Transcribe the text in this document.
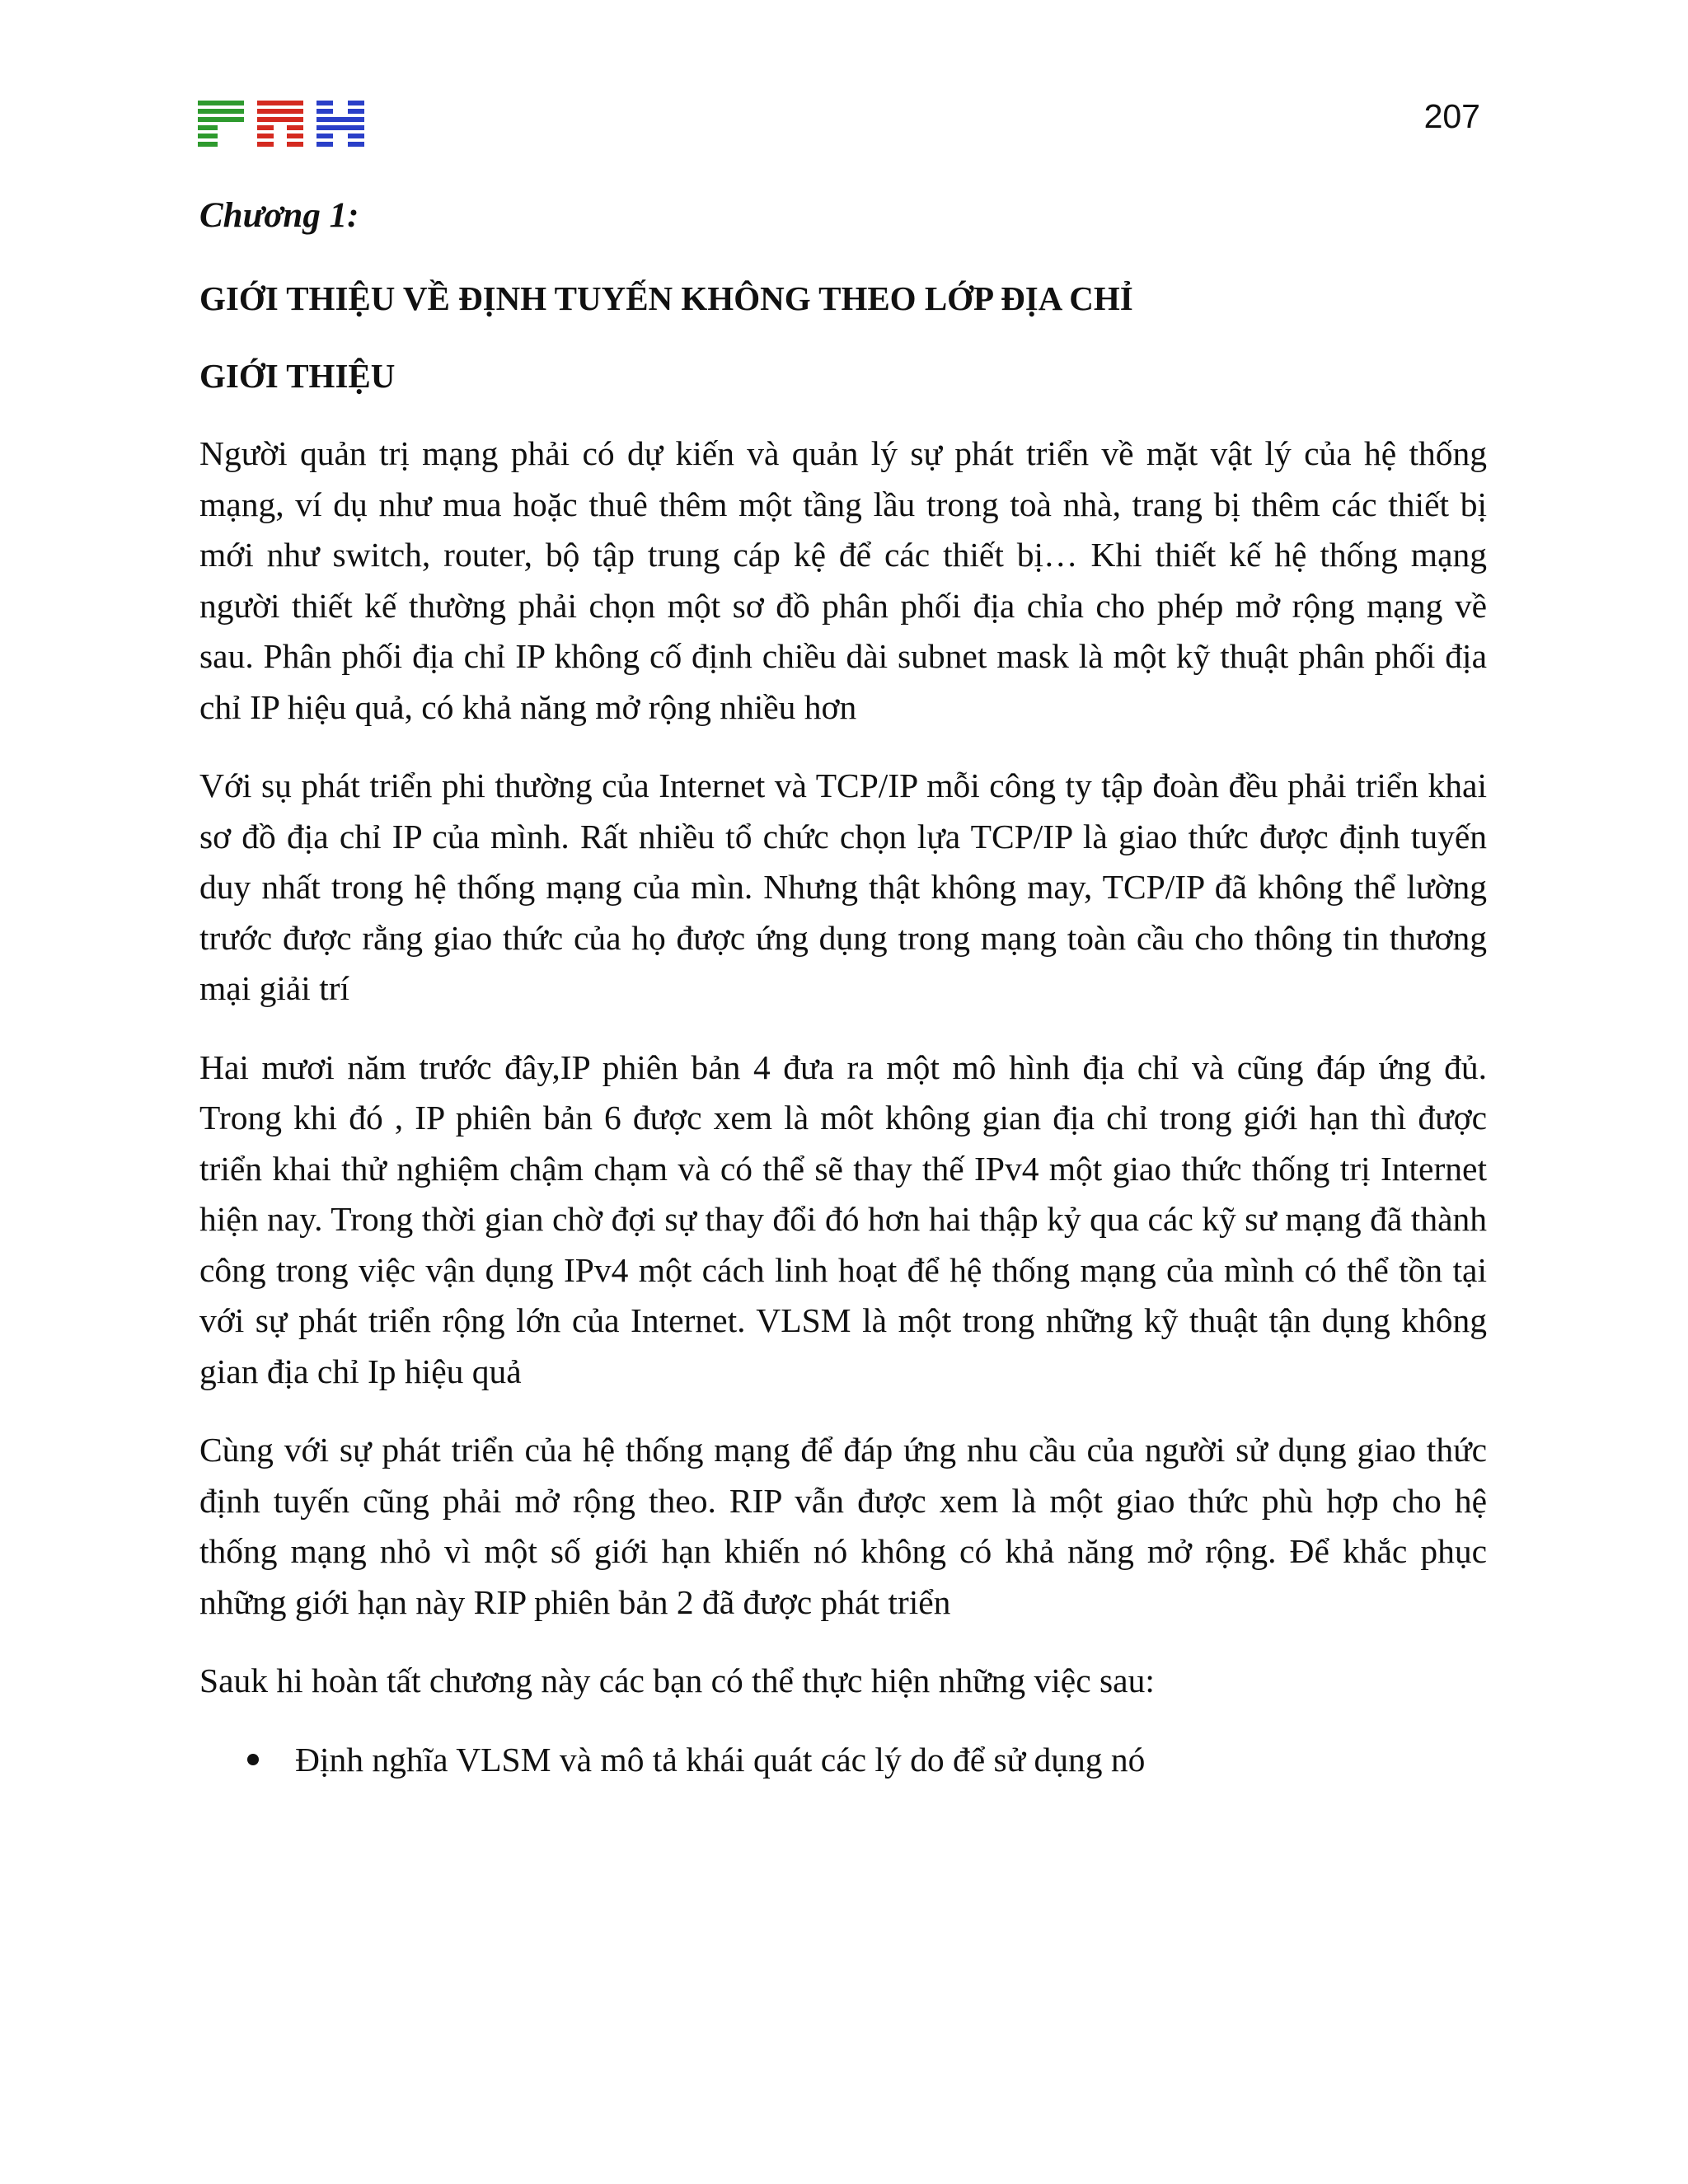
207

Chương 1:

GIỚI THIỆU VỀ ĐỊNH TUYẾN KHÔNG THEO LỚP ĐỊA CHỈ

GIỚI THIỆU

Người quản trị mạng phải có dự kiến và quản lý sự phát triển về mặt vật lý của hệ thống mạng, ví dụ như mua hoặc thuê thêm một tầng lầu trong toà nhà, trang bị thêm các thiết bị mới như switch, router, bộ tập trung cáp kệ để các thiết bị… Khi thiết kế hệ thống mạng người thiết kế thường phải chọn một sơ đồ phân phối địa chỉa cho phép mở rộng mạng về sau. Phân phối địa chỉ IP không cố định chiều dài subnet mask là một kỹ thuật phân phối địa chỉ IP hiệu quả, có khả năng mở rộng nhiều hơn

Với sụ phát triển phi thường của Internet và TCP/IP mỗi công ty tập đoàn đều phải triển khai sơ đồ địa chỉ IP của mình. Rất nhiều tổ chức chọn lựa TCP/IP là giao thức được định tuyến duy nhất trong hệ thống mạng của mìn. Nhưng thật không may, TCP/IP đã không thể lường trước được rằng giao thức của họ được ứng dụng trong mạng toàn cầu cho thông tin thương mại giải trí

Hai mươi năm trước đây,IP phiên bản 4 đưa ra một mô hình địa chỉ và cũng đáp ứng đủ. Trong khi đó , IP phiên bản 6 được xem là môt không gian địa chỉ trong giới hạn thì được triển khai thử nghiệm chậm chạm và có thể sẽ thay thế IPv4 một giao thức thống trị Internet hiện nay. Trong thời gian chờ đợi sự thay đổi đó hơn hai thập kỷ qua các kỹ sư mạng đã thành công trong việc vận dụng IPv4 một cách linh hoạt để hệ thống mạng của mình có thể tồn tại với sự phát triển rộng lớn của Internet. VLSM là một trong những kỹ thuật tận dụng không gian địa chỉ Ip hiệu quả

Cùng với sự phát triển của hệ thống mạng để đáp ứng nhu cầu của người sử dụng giao thức định tuyến cũng phải mở rộng theo. RIP vẫn được xem là một giao thức phù hợp cho hệ thống mạng nhỏ vì một số giới hạn khiến nó không có khả năng mở rộng. Để khắc phục những giới hạn này RIP phiên bản 2 đã được phát triển

Sauk hi hoàn tất chương này các bạn có thể thực hiện những việc sau:

Định nghĩa VLSM và mô tả khái quát các lý do để sử dụng nó
